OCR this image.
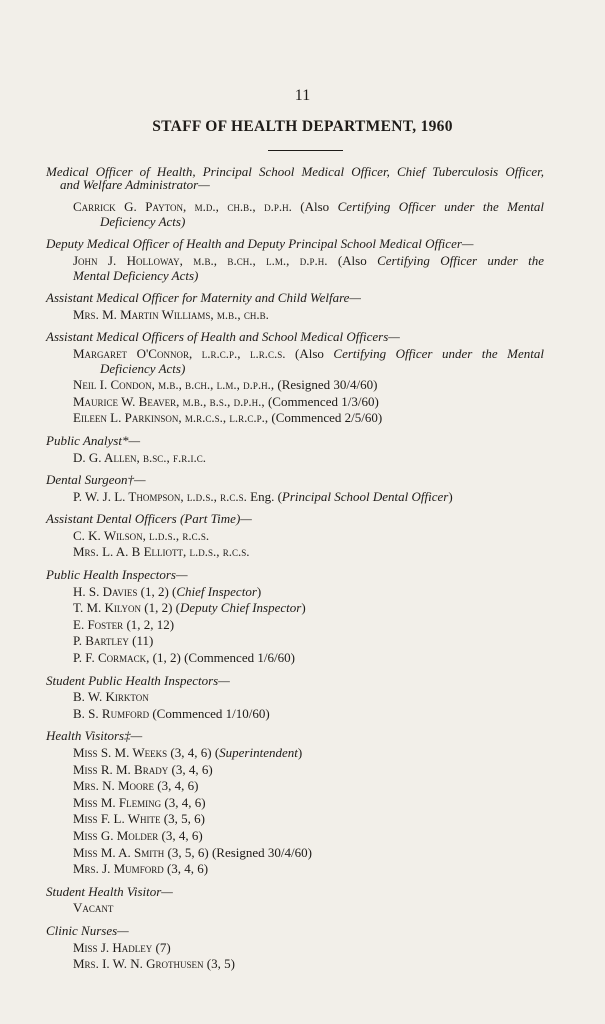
11
STAFF OF HEALTH DEPARTMENT, 1960
Medical Officer of Health, Principal School Medical Officer, Chief Tuberculosis Officer,
and Welfare Administrator—
Carrick G. Payton, m.d., ch.b., d.p.h. (Also Certifying Officer under the Mental
Deficiency Acts)
Deputy Medical Officer of Health and Deputy Principal School Medical Officer—
John J. Holloway, m.b., b.ch., l.m., d.p.h. (Also Certifying Officer under the
Mental Deficiency Acts)
Assistant Medical Officer for Maternity and Child Welfare—
Mrs. M. Martin Williams, m.b., ch.b.
Assistant Medical Officers of Health and School Medical Officers—
Margaret O'Connor, l.r.c.p., l.r.c.s. (Also Certifying Officer under the Mental
Deficiency Acts)
Neil I. Condon, m.b., b.ch., l.m., d.p.h., (Resigned 30/4/60)
Maurice W. Beaver, m.b., b.s., d.p.h., (Commenced 1/3/60)
Eileen L. Parkinson, m.r.c.s., l.r.c.p., (Commenced 2/5/60)
Public Analyst*—
D. G. Allen, b.sc., f.r.i.c.
Dental Surgeon†—
P. W. J. L. Thompson, l.d.s., r.c.s. Eng. (Principal School Dental Officer)
Assistant Dental Officers (Part Time)—
C. K. Wilson, l.d.s., r.c.s.
Mrs. L. A. B Elliott, l.d.s., r.c.s.
Public Health Inspectors—
H. S. Davies (1, 2) (Chief Inspector)
T. M. Kilyon (1, 2) (Deputy Chief Inspector)
E. Foster (1, 2, 12)
P. Bartley (11)
P. F. Cormack, (1, 2) (Commenced 1/6/60)
Student Public Health Inspectors—
B. W. Kirkton
B. S. Rumford (Commenced 1/10/60)
Health Visitors‡—
Miss S. M. Weeks (3, 4, 6) (Superintendent)
Miss R. M. Brady (3, 4, 6)
Mrs. N. Moore (3, 4, 6)
Miss M. Fleming (3, 4, 6)
Miss F. L. White (3, 5, 6)
Miss G. Molder (3, 4, 6)
Miss M. A. Smith (3, 5, 6) (Resigned 30/4/60)
Mrs. J. Mumford (3, 4, 6)
Student Health Visitor—
Vacant
Clinic Nurses—
Miss J. Hadley (7)
Mrs. I. W. N. Grothusen (3, 5)
